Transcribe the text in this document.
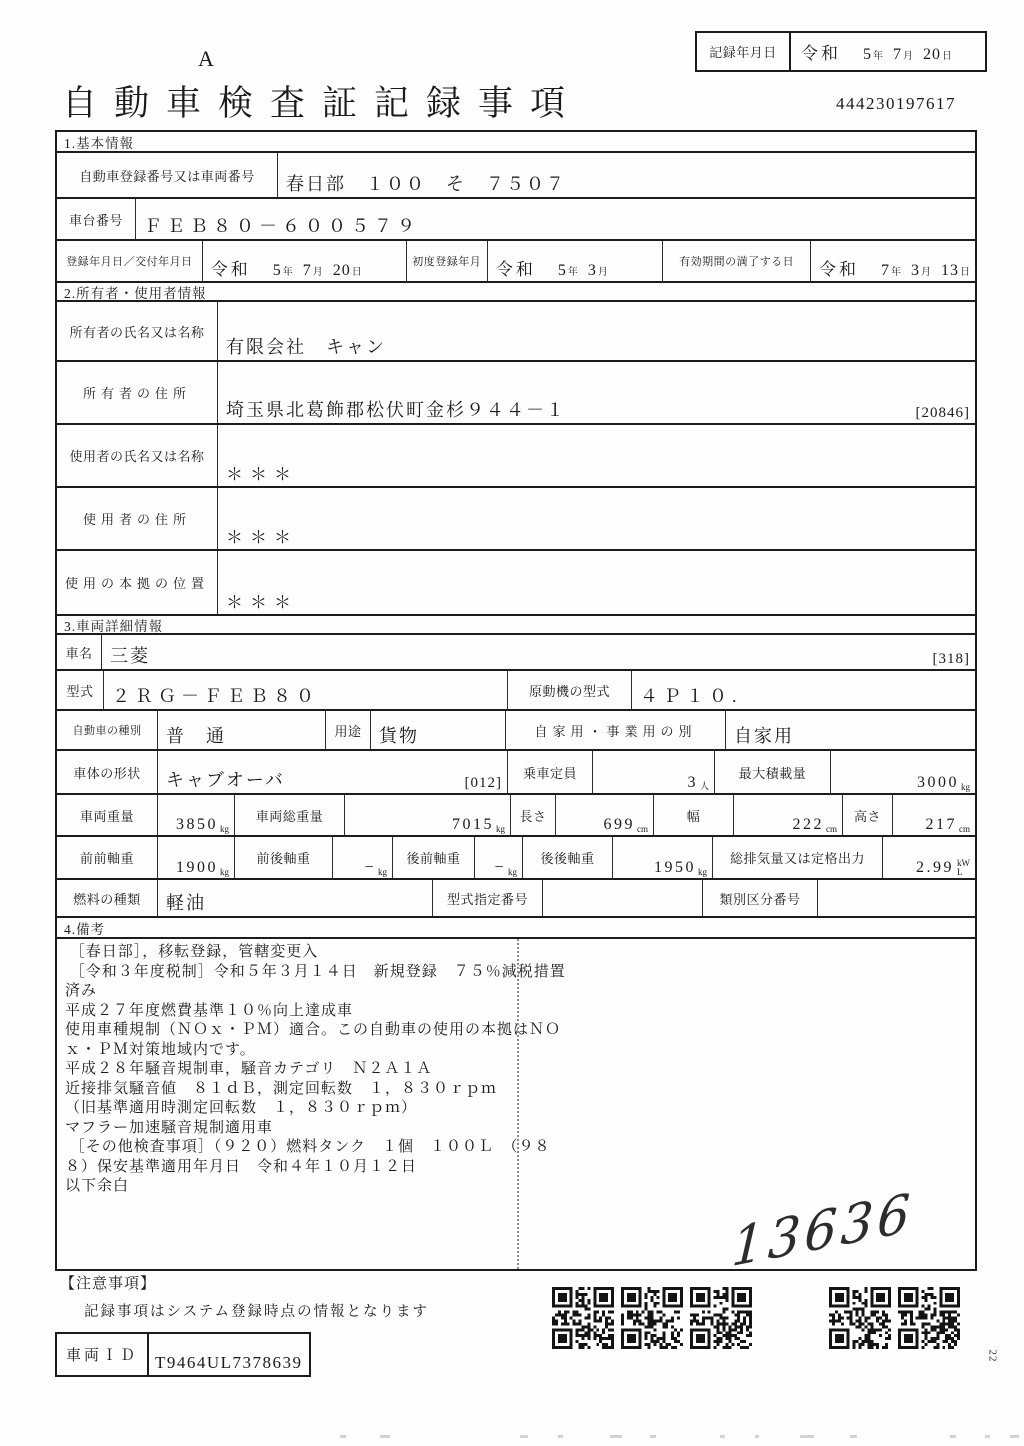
A	記録年月日	令和 5 年 7 月 20 日
自動車検査証記録事項	444230197617
1.基本情報
自動車登録番号又は車両番号	春日部　１００　そ　７５０７
車台番号	ＦＥＢ８０－６００５７９
登録年月日／交付年月日	令和 5 年 7 月 20 日
初度登録年月 令和 5 年 3 月
有効期間の満了する日	令和 7 年 3 月 13 日
2.所有者・使用者情報
所有者の氏名又は名称
有限会社　キャン
所有者の住所
埼玉県北葛飾郡松伏町金杉９４４－１	[20846]
使用者の氏名又は名称
＊＊＊
使用者の住所
＊＊＊
使用の本拠の位置
＊＊＊
3.車両詳細情報
車名 三菱	[318]
型式	２ＲＧ－ＦＥＢ８０	原動機の型式	４Ｐ１０.
自動車の種別	普　通	用途 貨物	自家用・事業用の別	自家用
車体の形状	キャブオーバ	[012]
乗車定員
3 人
最大積載量
3000 kg
車両重量	3850 kg
車両総重量	7015 kg
長さ	699 cm
幅	222 cm
高さ	217 cm
前前軸重
1900 kg
前後軸重
− kg
後前軸重
− kg
後後軸重
1950 kg
総排気量又は定格出力
2.99 kW
L
燃料の種類	軽油	型式指定番号	類別区分番号
4.備考
［春日部］，移転登録，管轄変更入
［令和３年度税制］令和５年３月１４日　新規登録　７５％減税措置
済み
平成２７年度燃費基準１０％向上達成車
使用車種規制（ＮＯｘ・ＰＭ）適合。この自動車の使用の本拠はＮＯ
ｘ・ＰＭ対策地域内です。
平成２８年騒音規制車，騒音カテゴリ　Ｎ２Ａ１Ａ
近接排気騒音値　８１ｄＢ，測定回転数　１，８３０ｒｐｍ
（旧基準適用時測定回転数　１，８３０ｒｐｍ）
マフラー加速騒音規制適用車
［その他検査事項］（９２０）燃料タンク　１個　１００Ｌ　（９８
８）保安基準適用年月日　令和４年１０月１２日
以下余白	13636
【注意事項】
記録事項はシステム登録時点の情報となります
車両ＩＤ	T9464UL7378639	22
